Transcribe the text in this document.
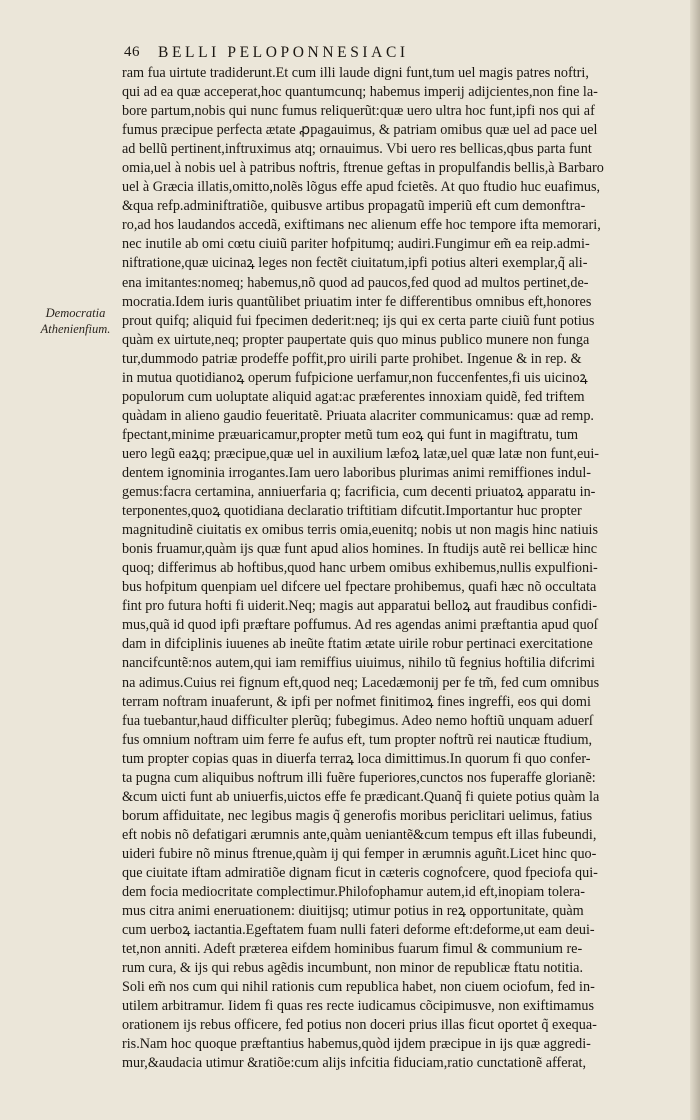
46 BELLI PELOPONNESIACI
Democratia
Athenienfium.
ram fua uirtute tradiderunt.Et cum illi laude digni funt,tum uel magis patres noftri,
qui ad ea quæ acceperat,hoc quantumcunq; habemus imperij adijcientes,non fine la-
bore partum,nobis qui nunc fumus reliquerũt:quæ uero ultra hoc funt,ipfi nos qui af
fumus præcipue perfecta ætate ꝓpagauimus, & patriam omibus quæ uel ad pace uel
ad bellũ pertinent,inftruximus atq; ornauimus. Vbi uero res bellicas,qbus parta funt
omia,uel à nobis uel à patribus noftris, ftrenue geftas in propulfandis bellis,à Barbaro
uel à Græcia illatis,omitto,nolẽs lõgus effe apud fcietẽs. At quo ftudio huc euafimus,
&qua refp.adminiftratiõe, quibusve artibus propagatũ imperiũ eft cum demonftra-
ro,ad hos laudandos accedã, exiftimans nec alienum effe hoc tempore ifta memorari,
nec inutile ab omi cœtu ciuiũ pariter hofpitumq; audiri.Fungimur em̃ ea reip.admi-
niftratione,quæ uicinaꝝ leges non fectẽt ciuitatum,ipfi potius alteri exemplar,q̃ ali-
ena imitantes:nomeq; habemus,nõ quod ad paucos,fed quod ad multos pertinet,de-
mocratia.Idem iuris quantũlibet priuatim inter fe differentibus omnibus eft,honores
prout quifq; aliquid fui fpecimen dederit:neq; ijs qui ex certa parte ciuiũ funt potius
quàm ex uirtute,neq; propter paupertate quis quo minus publico munere non funga
tur,dummodo patriæ prodeffe poffit,pro uirili parte prohibet. Ingenue & in rep. &
in mutua quotidianoꝝ operum fufpicione uerfamur,non fuccenfentes,fi uis uicinoꝝ
populorum cum uoluptate aliquid agat:ac præferentes innoxiam quidẽ, fed triftem
quàdam in alieno gaudio feueritatẽ. Priuata alacriter communicamus: quæ ad remp.
fpectant,minime præuaricamur,propter metũ tum eoꝝ qui funt in magiftratu, tum
uero legũ eaꝝq; præcipue,quæ uel in auxilium læfoꝝ latæ,uel quæ latæ non funt,eui-
dentem ignominia irrogantes.Iam uero laboribus plurimas animi remiffiones indul-
gemus:facra certamina, anniuerfaria q; facrificia, cum decenti priuatoꝝ apparatu in-
terponentes,quoꝝ quotidiana declaratio triftitiam difcutit.Importantur huc propter
magnitudinẽ ciuitatis ex omibus terris omia,euenitq; nobis ut non magis hinc natiuis
bonis fruamur,quàm ijs quæ funt apud alios homines. In ftudijs autẽ rei bellicæ hinc
quoq; differimus ab hoftibus,quod hanc urbem omibus exhibemus,nullis expulfioni-
bus hofpitum quenpiam uel difcere uel fpectare prohibemus, quafi hæc nõ occultata
fint pro futura hofti fi uiderit.Neq; magis aut apparatui belloꝝ aut fraudibus confidi-
mus,quã id quod ipfi præftare poffumus. Ad res agendas animi præftantia apud quoſ
dam in difciplinis iuuenes ab ineũte ftatim ætate uirile robur pertinaci exercitatione
nancifcuntẽ:nos autem,qui iam remiffius uiuimus, nihilo tũ fegnius hoftilia difcrimi
na adimus.Cuius rei fignum eft,quod neq; Lacedæmonij per fe tm̃, fed cum omnibus
terram noftram inuaferunt, & ipfi per nofmet finitimoꝝ fines ingreffi, eos qui domi
fua tuebantur,haud difficulter plerũq; fubegimus. Adeo nemo hoftiũ unquam aduerſ
fus omnium noftram uim ferre fe aufus eft, tum propter noftrũ rei nauticæ ftudium,
tum propter copias quas in diuerfa terraꝝ loca dimittimus.In quorum fi quo confer-
ta pugna cum aliquibus noftrum illi fuẽre fuperiores,cunctos nos fuperaffe glorianẽ:
&cum uicti funt ab uniuerfis,uictos effe fe prædicant.Quanq̃ fi quiete potius quàm la
borum affiduitate, nec legibus magis q̃ generofis moribus periclitari uelimus, fatius
eft nobis nõ defatigari ærumnis ante,quàm ueniantẽ&cum tempus eft illas fubeundi,
uideri fubire nõ minus ftrenue,quàm ij qui femper in ærumnis aguñt.Licet hinc quo-
que ciuitate iftam admiratiõe dignam ficut in cæteris cognofcere, quod fpeciofa qui-
dem focia mediocritate complectimur.Philofophamur autem,id eft,inopiam tolera-
mus citra animi eneruationem: diuitijsq; utimur potius in reꝝ opportunitate, quàm
cum uerboꝝ iactantia.Egeftatem fuam nulli fateri deforme eft:deforme,ut eam deui-
tet,non anniti. Adeft præterea eifdem hominibus fuarum fimul & communium re-
rum cura, & ijs qui rebus agẽdis incumbunt, non minor de republicæ ftatu notitia.
Soli em̃ nos cum qui nihil rationis cum republica habet, non ciuem ociofum, fed in-
utilem arbitramur. Iidem fi quas res recte iudicamus cõcipimusve, non exiftimamus
orationem ijs rebus officere, fed potius non doceri prius illas ficut oportet q̃ exequa-
ris.Nam hoc quoque præftantius habemus,quòd ijdem præcipue in ijs quæ aggredi-
mur,&audacia utimur &ratiõe:cum alijs infcitia fiduciam,ratio cunctationẽ afferat,
